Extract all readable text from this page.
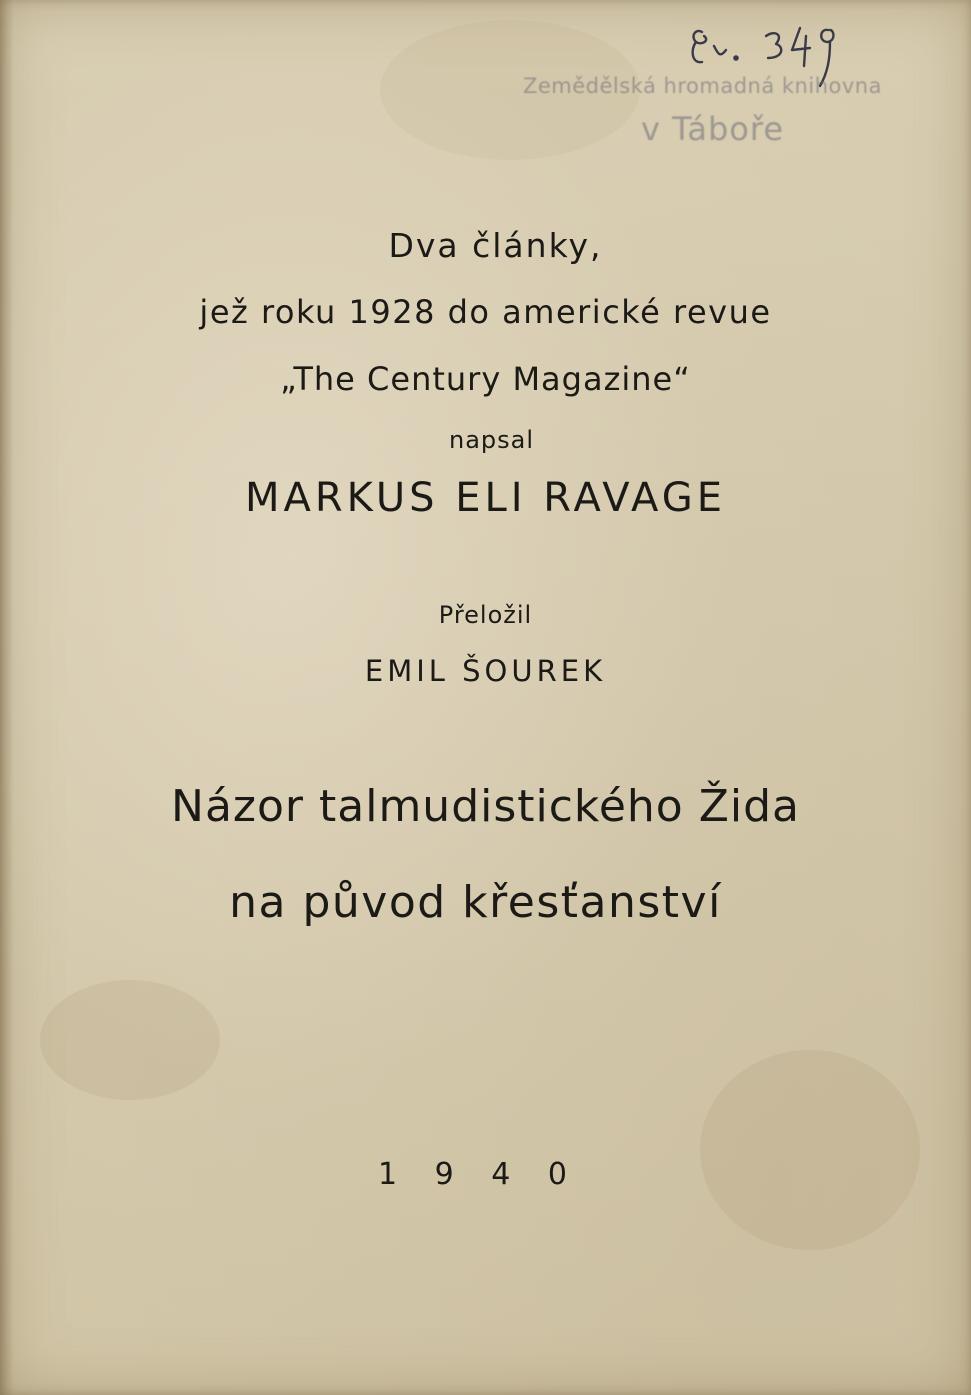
Zemědělská hromadná knihovna
v Táboře
Dva články,
jež roku 1928 do americké revue
„The Century Magazine“
napsal
MARKUS ELI RAVAGE
Přeložil
EMIL ŠOUREK
Názor talmudistického Žida
na původ křesťanství
1 9 4 0
